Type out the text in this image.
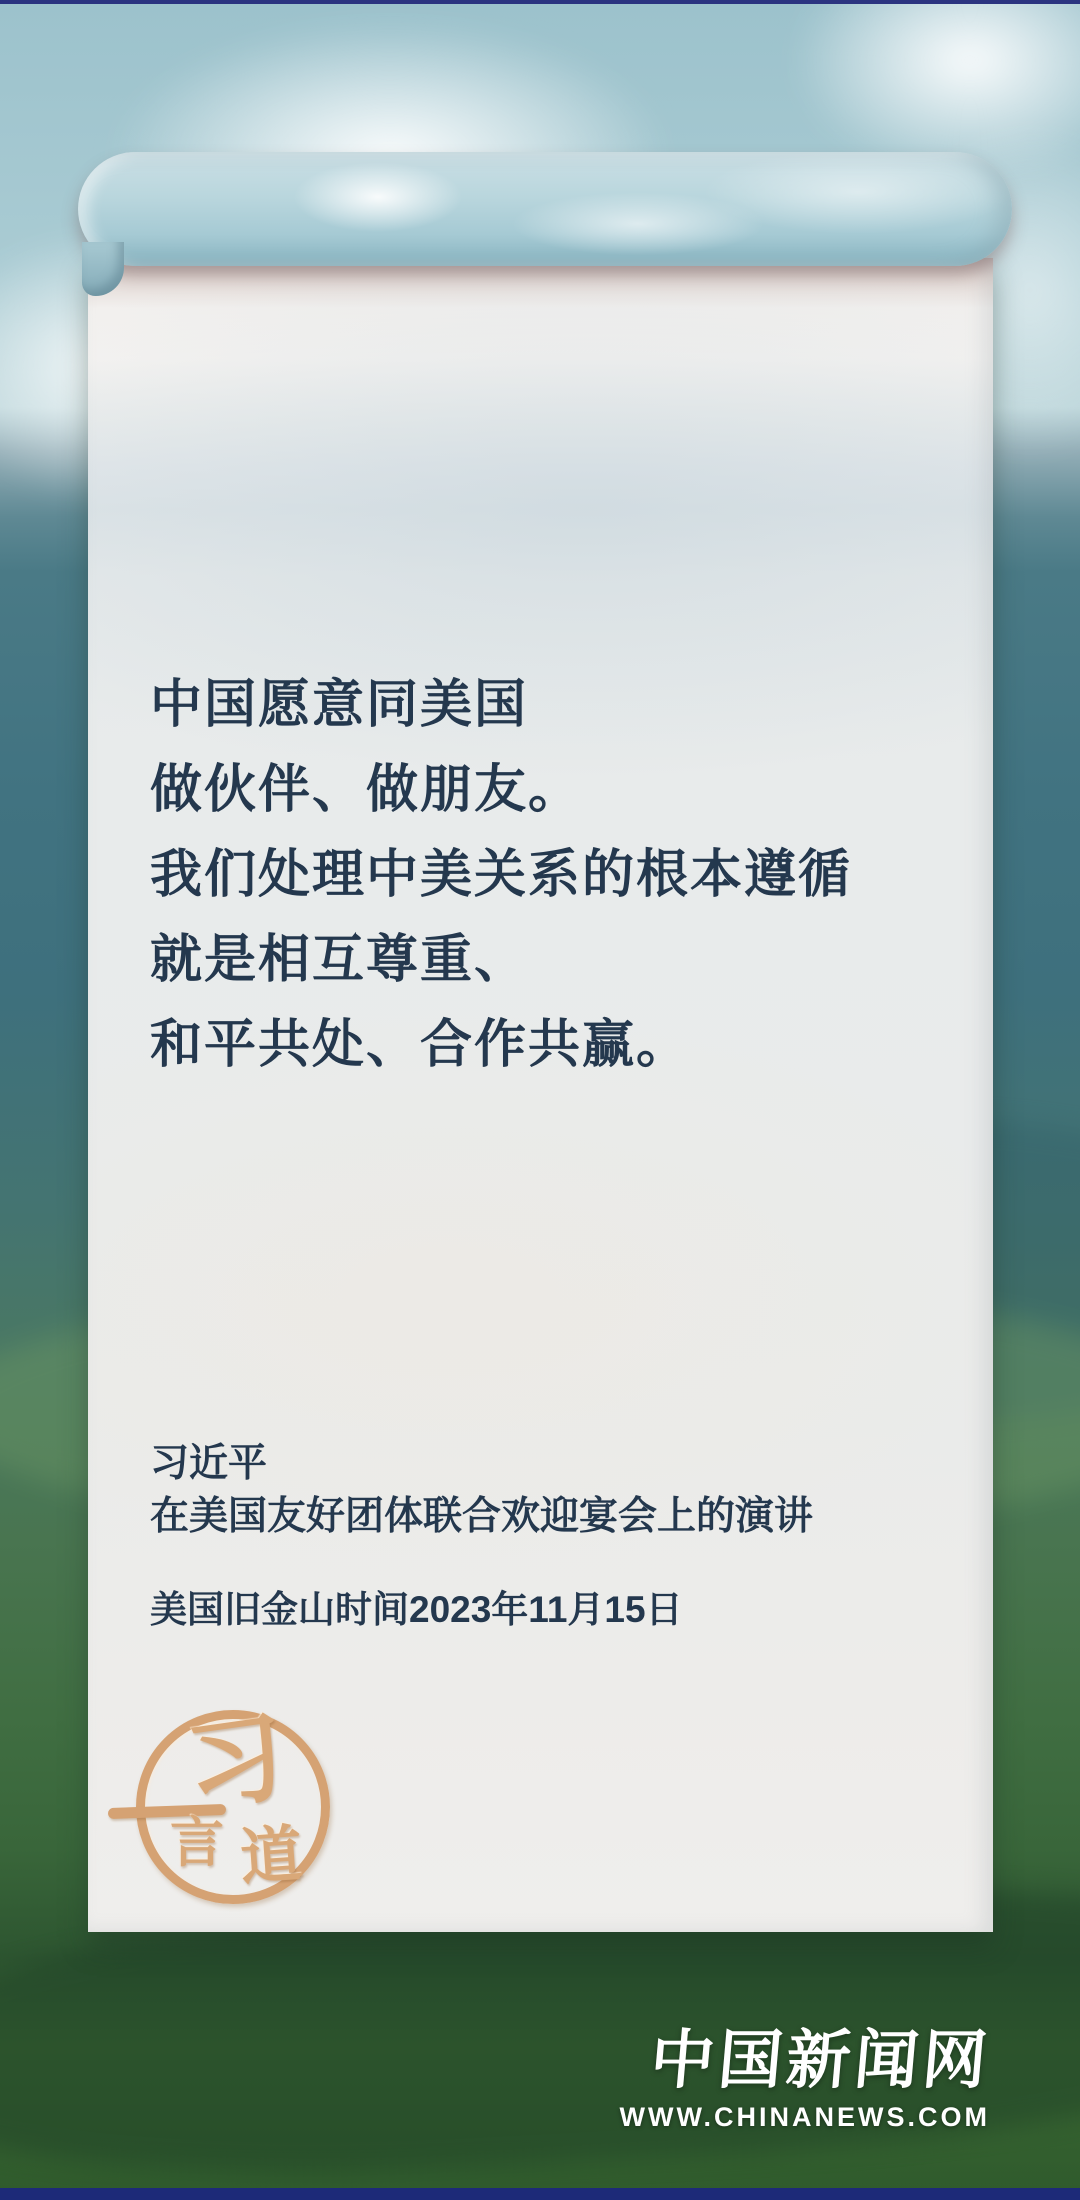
中国愿意同美国
做伙伴、做朋友。
我们处理中美关系的根本遵循
就是相互尊重、
和平共处、合作共赢。
习近平
在美国友好团体联合欢迎宴会上的演讲
美国旧金山时间2023年11月15日
习
言 道
中国新闻网
WWW.CHINANEWS.COM
